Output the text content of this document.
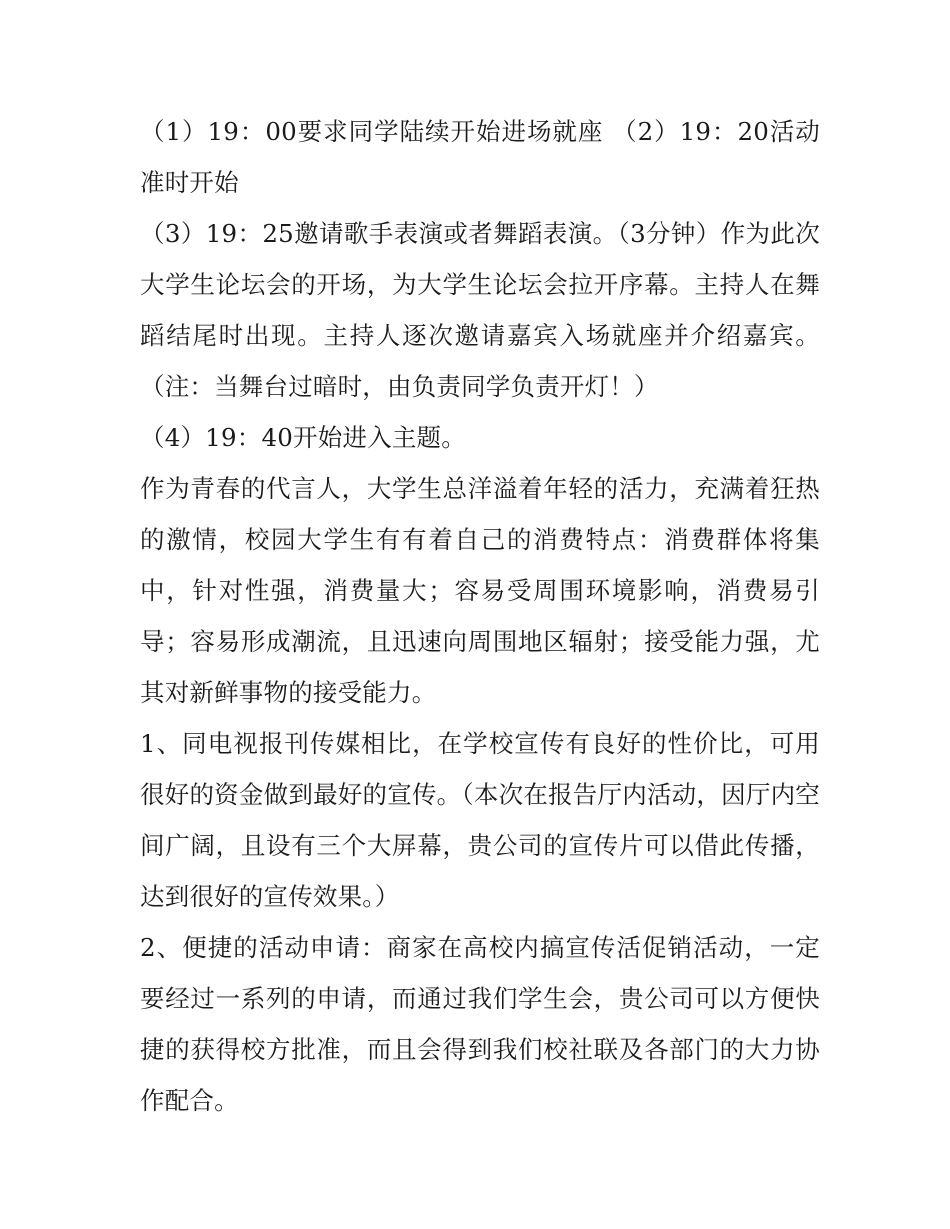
（1）19：00要求同学陆续开始进场就座 （2）19：20活动准时开始

（3）19：25邀请歌手表演或者舞蹈表演。（3分钟）作为此次大学生论坛会的开场，为大学生论坛会拉开序幕。主持人在舞蹈结尾时出现。主持人逐次邀请嘉宾入场就座并介绍嘉宾。（注：当舞台过暗时，由负责同学负责开灯！）

（4）19：40开始进入主题。

作为青春的代言人，大学生总洋溢着年轻的活力，充满着狂热的激情，校园大学生有有着自己的消费特点：消费群体将集中，针对性强，消费量大；容易受周围环境影响，消费易引导；容易形成潮流，且迅速向周围地区辐射；接受能力强，尤其对新鲜事物的接受能力。

1、同电视报刊传媒相比，在学校宣传有良好的性价比，可用很好的资金做到最好的宣传。（本次在报告厅内活动，因厅内空间广阔，且设有三个大屏幕，贵公司的宣传片可以借此传播，达到很好的宣传效果。）

2、便捷的活动申请：商家在高校内搞宣传活促销活动，一定要经过一系列的申请，而通过我们学生会，贵公司可以方便快捷的获得校方批准，而且会得到我们校社联及各部门的大力协作配合。
